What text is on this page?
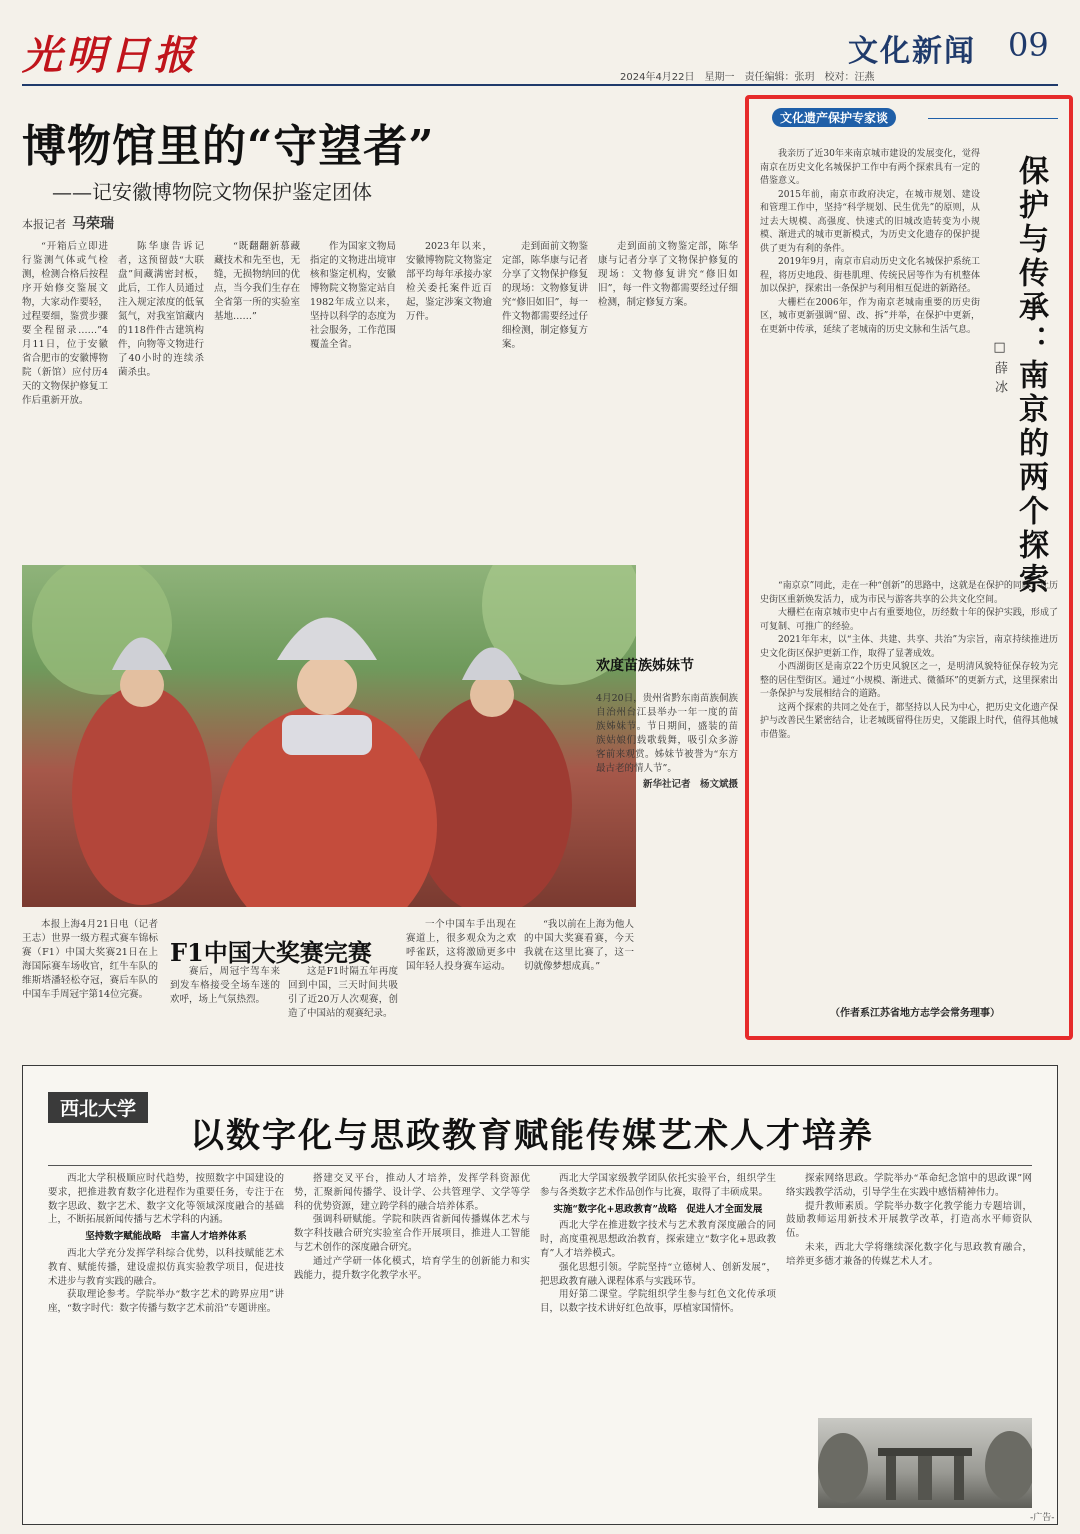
光明日报	文化新闻 09
2024年4月22日　星期一　责任编辑：张玥　校对：汪燕
博物馆里的“守望者”
——记安徽博物院文物保护鉴定团体
本报记者 马荣瑞

“开箱后立即进行鉴测气体或气检测，检测合格后按程序开始修交鉴展文物，大家动作要轻，过程要细，鉴赏步骤要全程留录……”4月11日，位于安徽省合肥市的安徽博物院（新馆）应付历4天的文物保护修复工作后重新开放。

陈华康告诉记者，这预留鼓“大联盘”间藏满密封板，此后，工作人员通过注入规定浓度的低氧氮气，对我室馆藏内的118件件古建筑构件，向物等文物进行了40小时的连续杀菌杀虫。

“既翻翻新慕藏藏技术和先至也，无缝，无损物纳回的优点，当今我们生存在全省第一所的实验室基地……”

作为国家文物局指定的文物进出境审核和鉴定机构，安徽博物院文物鉴定站自1982年成立以来，坚持以科学的态度为社会服务，工作范围覆盖全省。

2023年以来，安徽博物院文物鉴定部平均每年承接办家检关委托案件近百起，鉴定涉案文物逾万件。

走到面前文物鉴定部，陈华康与记者分享了文物保护修复的现场：文物修复讲究“修旧如旧”，每一件文物都需要经过仔细检测，制定修复方案。

走到面前文物鉴定部，陈华康与记者分享了文物保护修复的现场：文物修复讲究“修旧如旧”，每一件文物都需要经过仔细检测，制定修复方案。

欢度苗族姊妹节
4月20日，贵州省黔东南苗族侗族自治州台江县举办一年一度的苗族姊妹节。节日期间，盛装的苗族姑娘们载歌载舞，吸引众多游客前来观赏。姊妹节被誉为“东方最古老的情人节”。
新华社记者　杨文斌摄
F1中国大奖赛完赛

本报上海4月21日电（记者王志）世界一级方程式赛车锦标赛（F1）中国大奖赛21日在上海国际赛车场收官，红牛车队的维斯塔潘轻松夺冠，赛后车队的中国车手周冠宇第14位完赛。

赛后，周冠宇驾车来到发车格接受全场车迷的欢呼，场上气氛热烈。

这是F1时隔五年再度回到中国，三天时间共吸引了近20万人次观赛，创造了中国站的观赛纪录。

一个中国车手出现在赛道上，很多观众为之欢呼雀跃，这将激励更多中国年轻人投身赛车运动。

“我以前在上海为他人的中国大奖赛看赛，今天我就在这里比赛了，这一切就像梦想成真。”

文化遗产保护专家谈
保护与传承：南京的两个探索
□薛冰

我亲历了近30年来南京城市建设的发展变化，觉得南京在历史文化名城保护工作中有两个探索具有一定的借鉴意义。

2015年前，南京市政府决定，在城市规划、建设和管理工作中，坚持“科学规划、民生优先”的原则，从过去大规模、高强度、快速式的旧城改造转变为小规模、渐进式的城市更新模式，为历史文化遗存的保护提供了更为有利的条件。

2019年9月，南京市启动历史文化名城保护系统工程，将历史地段、街巷肌理、传统民居等作为有机整体加以保护，探索出一条保护与利用相互促进的新路径。

大栅栏在2006年，作为南京老城南重要的历史街区，城市更新强调“留、改、拆”并举，在保护中更新，在更新中传承，延续了老城南的历史文脉和生活气息。

“南京京”同此，走在一种“创新”的思路中，这就是在保护的同时，让历史街区重新焕发活力，成为市民与游客共享的公共文化空间。

大栅栏在南京城市史中占有重要地位，历经数十年的保护实践，形成了可复制、可推广的经验。

2021年年末，以“主体、共建、共享、共治”为宗旨，南京持续推进历史文化街区保护更新工作，取得了显著成效。

小西湖街区是南京22个历史风貌区之一，是明清风貌特征保存较为完整的居住型街区。通过“小规模、渐进式、微循环”的更新方式，这里探索出一条保护与发展相结合的道路。

这两个探索的共同之处在于，都坚持以人民为中心，把历史文化遗产保护与改善民生紧密结合，让老城既留得住历史，又能跟上时代，值得其他城市借鉴。

（作者系江苏省地方志学会常务理事）
西北大学
以数字化与思政教育赋能传媒艺术人才培养

西北大学积极顺应时代趋势，按照数字中国建设的要求，把推进教育数字化进程作为重要任务，专注于在数字思政、数字艺术、数字文化等领域深度融合的基础上，不断拓展新闻传播与艺术学科的内涵。

坚持数字赋能战略　丰富人才培养体系

西北大学充分发挥学科综合优势，以科技赋能艺术教育、赋能传播，建设虚拟仿真实验教学项目，促进技术进步与教育实践的融合。

获取理论参考。学院举办“数字艺术的跨界应用”讲座，“数字时代：数字传播与数字艺术前沿”专题讲座。

搭建交叉平台，推动人才培养，发挥学科资源优势，汇聚新闻传播学、设计学、公共管理学、文学等学科的优势资源，建立跨学科的融合培养体系。

强调科研赋能。学院和陕西省新闻传播媒体艺术与数字科技融合研究实验室合作开展项目，推进人工智能与艺术创作的深度融合研究。

通过产学研一体化模式，培育学生的创新能力和实践能力，提升数字化教学水平。

西北大学国家级教学团队依托实验平台，组织学生参与各类数字艺术作品创作与比赛，取得了丰硕成果。

实施“数字化+思政教育”战略　促进人才全面发展

西北大学在推进数字技术与艺术教育深度融合的同时，高度重视思想政治教育，探索建立“数字化+思政教育”人才培养模式。

强化思想引领。学院坚持“立德树人、创新发展”，把思政教育融入课程体系与实践环节。

用好第二课堂。学院组织学生参与红色文化传承项目，以数字技术讲好红色故事，厚植家国情怀。

探索网络思政。学院举办“革命纪念馆中的思政课”网络实践教学活动，引导学生在实践中感悟精神伟力。

提升教师素质。学院举办数字化教学能力专题培训，鼓励教师运用新技术开展教学改革，打造高水平师资队伍。

未来，西北大学将继续深化数字化与思政教育融合，培养更多德才兼备的传媒艺术人才。

-广告-
